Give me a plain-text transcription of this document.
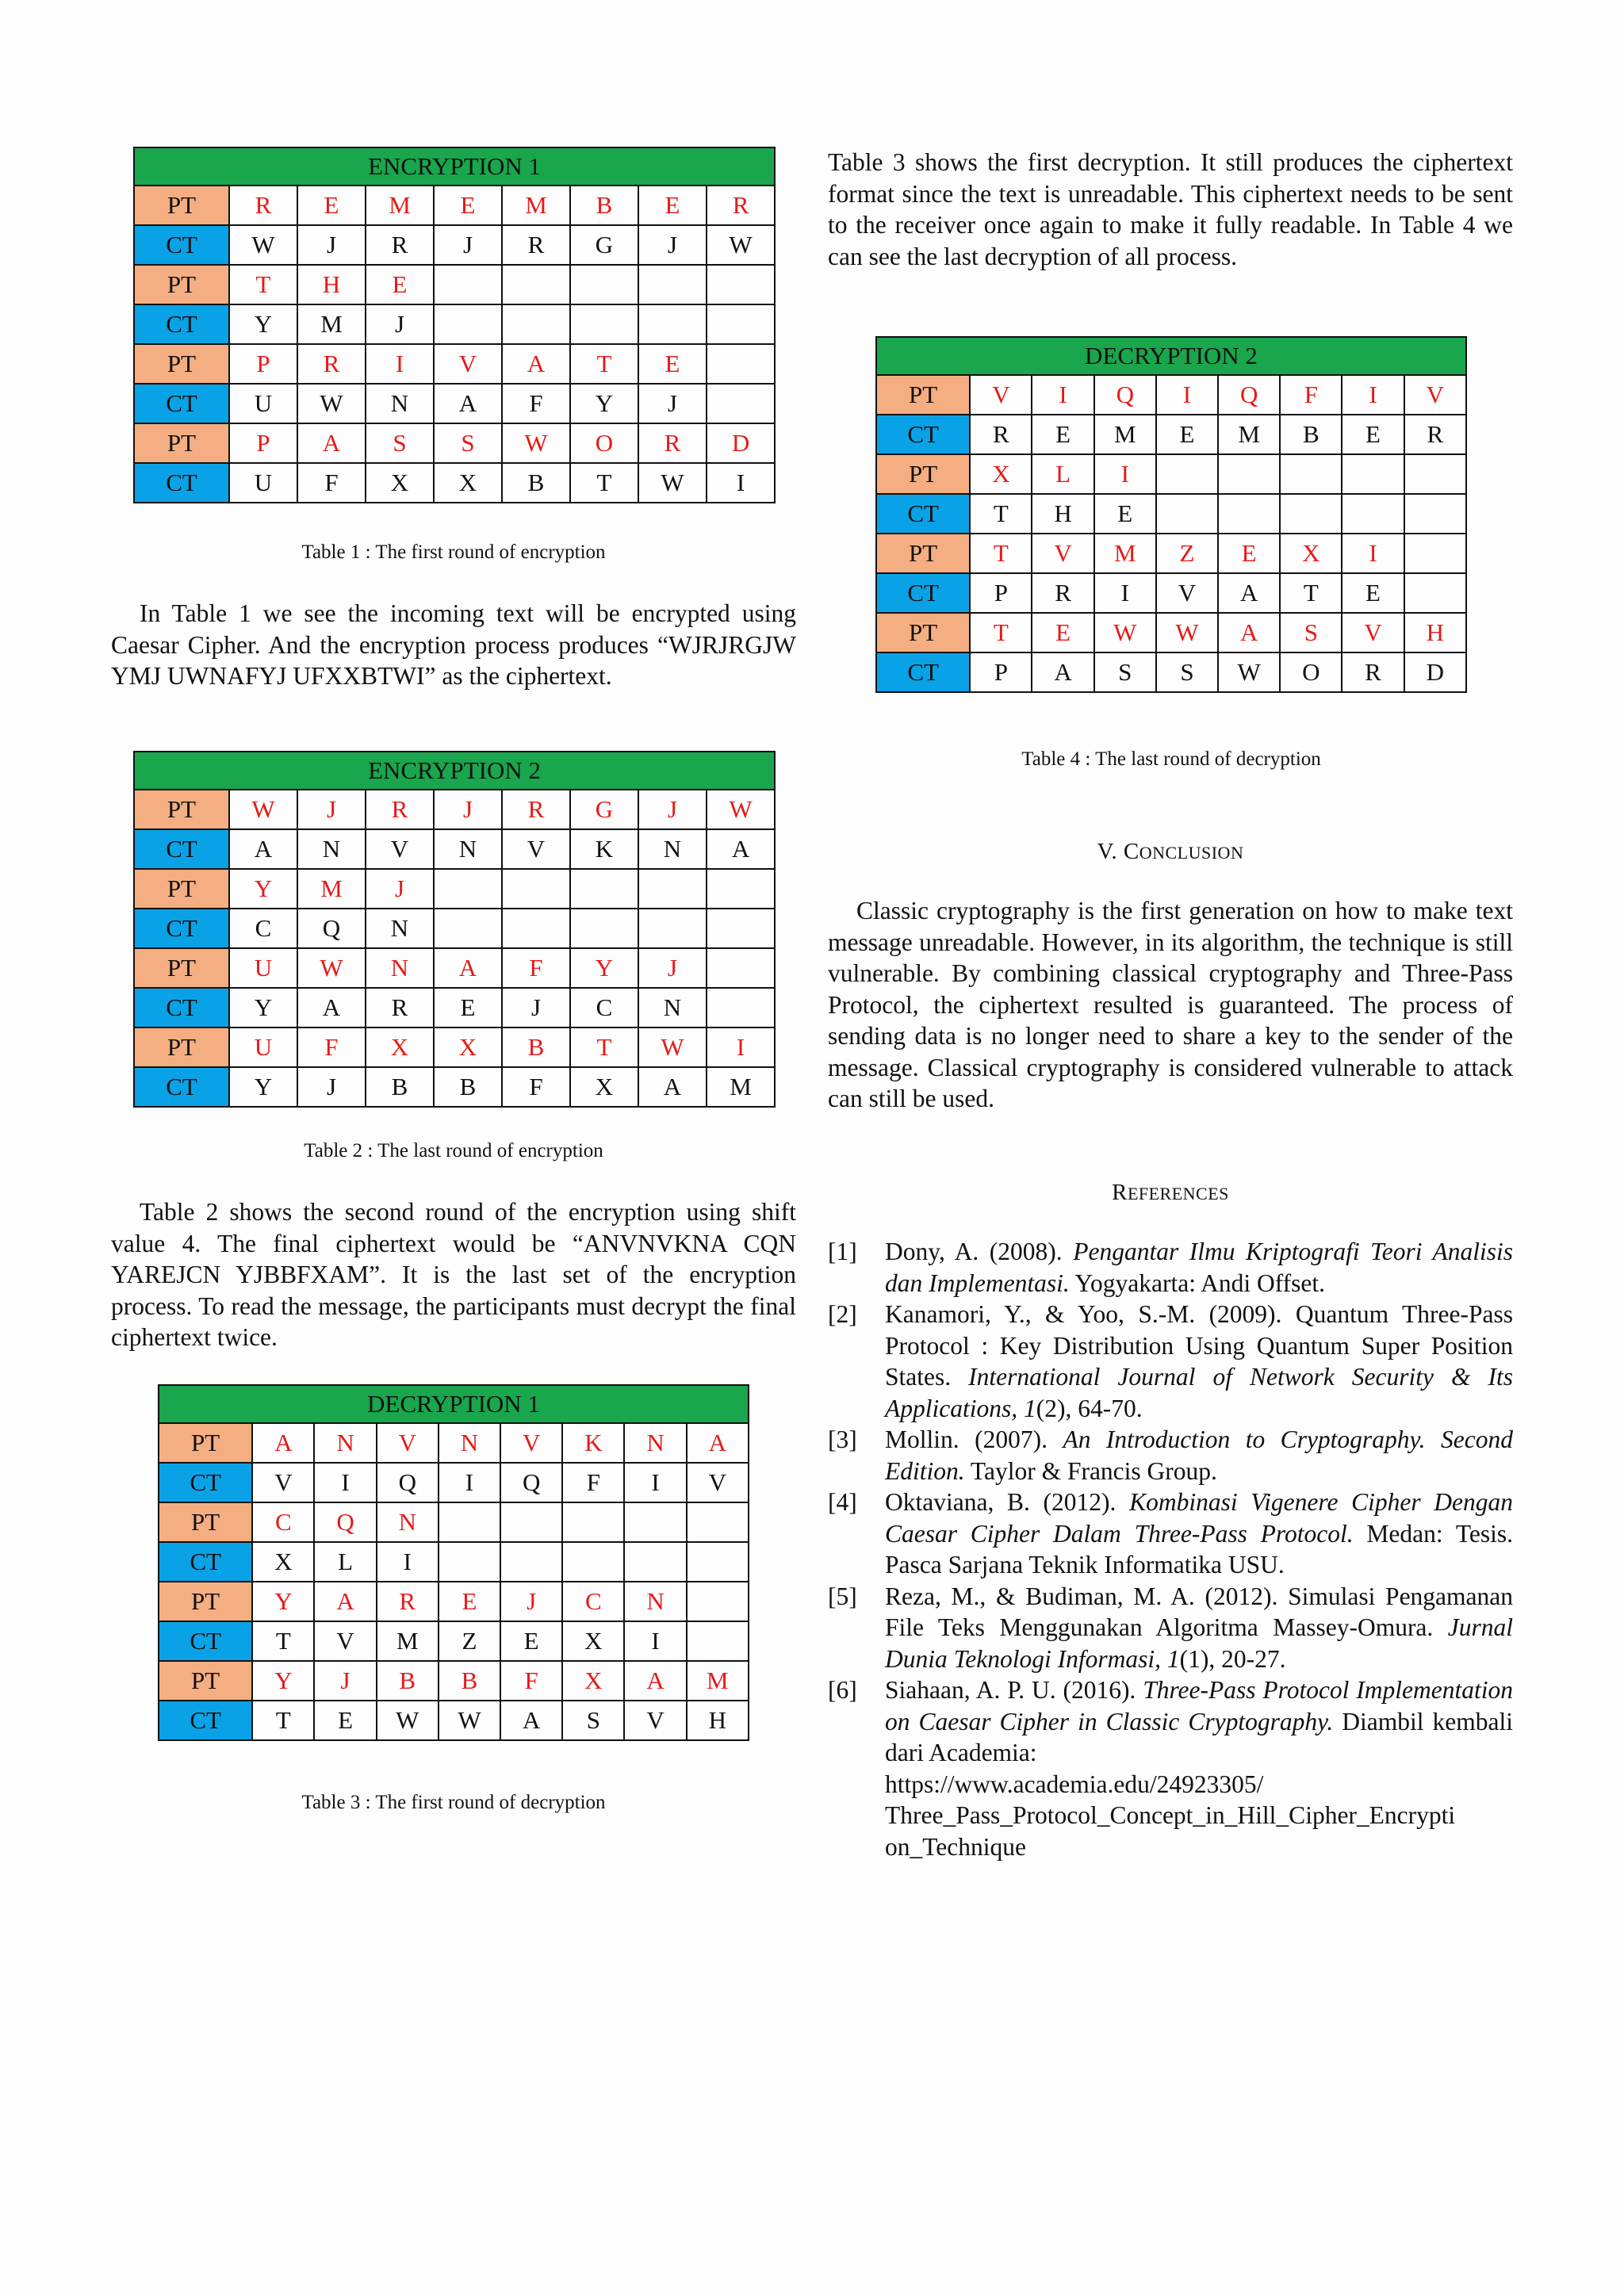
ENCRYPTION 1								
PT	R	E	M	E	M	B	E	R
CT	W	J	R	J	R	G	J	W
PT	T	H	E					
CT	Y	M	J					
PT	P	R	I	V	A	T	E	
CT	U	W	N	A	F	Y	J	
PT	P	A	S	S	W	O	R	D
CT	U	F	X	X	B	T	W	I
Table 1 : The first round of encryption

In Table 1 we see the incoming text will be encrypted using Caesar Cipher. And the encryption process produces “WJRJRGJW YMJ UWNAFYJ UFXXBTWI” as the ciphertext.

ENCRYPTION 2								
PT	W	J	R	J	R	G	J	W
CT	A	N	V	N	V	K	N	A
PT	Y	M	J					
CT	C	Q	N					
PT	U	W	N	A	F	Y	J	
CT	Y	A	R	E	J	C	N	
PT	U	F	X	X	B	T	W	I
CT	Y	J	B	B	F	X	A	M
Table 2 : The last round of encryption

Table 2 shows the second round of the encryption using shift value 4. The final ciphertext would be “ANVNVKNA CQN YAREJCN YJBBFXAM”. It is the last set of the encryption process. To read the message, the participants must decrypt the final ciphertext twice.

DECRYPTION 1								
PT	A	N	V	N	V	K	N	A
CT	V	I	Q	I	Q	F	I	V
PT	C	Q	N					
CT	X	L	I					
PT	Y	A	R	E	J	C	N	
CT	T	V	M	Z	E	X	I	
PT	Y	J	B	B	F	X	A	M
CT	T	E	W	W	A	S	V	H
Table 3 : The first round of decryption

Table 3 shows the first decryption. It still produces the ciphertext format since the text is unreadable. This ciphertext needs to be sent to the receiver once again to make it fully readable. In Table 4 we can see the last decryption of all process.

DECRYPTION 2								
PT	V	I	Q	I	Q	F	I	V
CT	R	E	M	E	M	B	E	R
PT	X	L	I					
CT	T	H	E					
PT	T	V	M	Z	E	X	I	
CT	P	R	I	V	A	T	E	
PT	T	E	W	W	A	S	V	H
CT	P	A	S	S	W	O	R	D
Table 4 : The last round of decryption
V. CONCLUSION

Classic cryptography is the first generation on how to make text message unreadable. However, in its algorithm, the technique is still vulnerable. By combining classical cryptography and Three-Pass Protocol, the ciphertext resulted is guaranteed. The process of sending data is no longer need to share a key to the sender of the message. Classical cryptography is considered vulnerable to attack can still be used.

REFERENCES
[1] Dony, A. (2008). Pengantar Ilmu Kriptografi Teori Analisis dan Implementasi. Yogyakarta: Andi Offset.
[2] Kanamori, Y., & Yoo, S.-M. (2009). Quantum Three-Pass Protocol : Key Distribution Using Quantum Super Position States. International Journal of Network Security & Its Applications, 1(2), 64-70.
[3] Mollin. (2007). An Introduction to Cryptography. Second Edition. Taylor & Francis Group.
[4] Oktaviana, B. (2012). Kombinasi Vigenere Cipher Dengan Caesar Cipher Dalam Three-Pass Protocol. Medan: Tesis. Pasca Sarjana Teknik Informatika USU.
[5] Reza, M., & Budiman, M. A. (2012). Simulasi Pengamanan File Teks Menggunakan Algoritma Massey-Omura. Jurnal Dunia Teknologi Informasi, 1(1), 20-27.
[6] Siahaan, A. P. U. (2016). Three-Pass Protocol Implementation on Caesar Cipher in Classic Cryptography. Diambil kembali dari Academia:
https://www.academia.edu/24923305/
Three_Pass_Protocol_Concept_in_Hill_Cipher_Encrypti
on_Technique
